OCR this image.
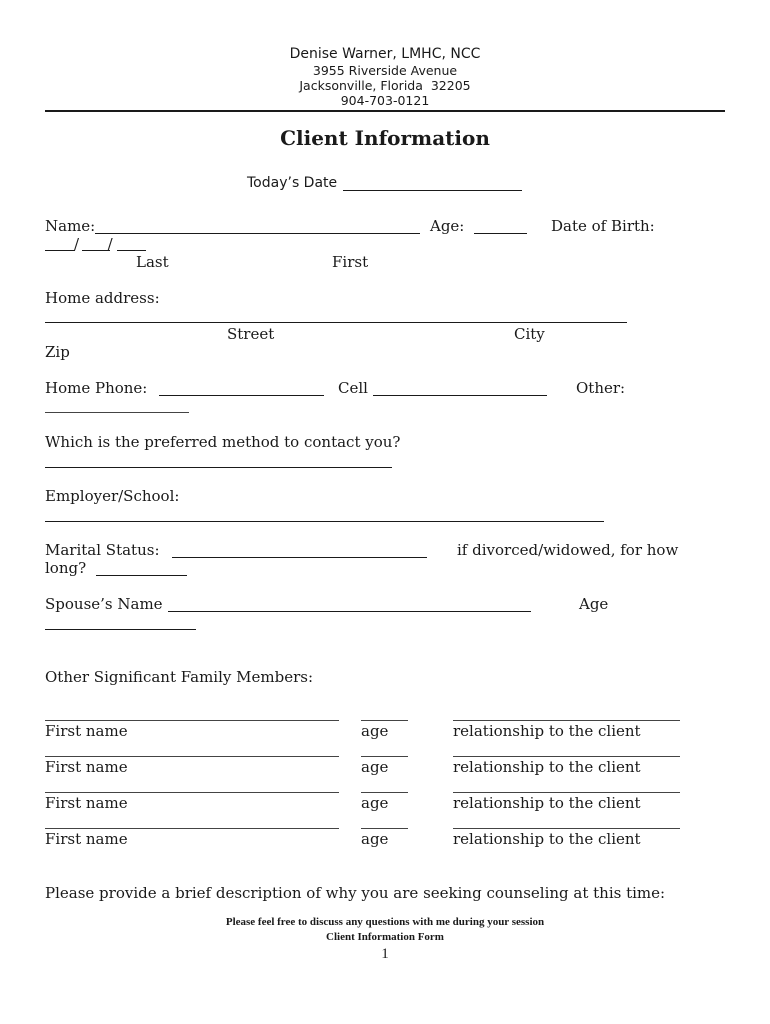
Denise Warner, LMHC, NCC
3955 Riverside Avenue
Jacksonville, Florida  32205
904-703-0121
Client Information
Today’s Date
Name:	Age:	Date of Birth:
/      /
Last	First
Home address:
Street	City
Zip
Home Phone:	Cell	Other:
Which is the preferred method to contact you?
Employer/School:
Marital Status:	if divorced/widowed, for how
long?
Spouse’s Name	Age
Other Significant Family Members:
First name	age	relationship to the client
First name	age	relationship to the client
First name	age	relationship to the client
First name	age	relationship to the client
Please provide a brief description of why you are seeking counseling at this time:
Please feel free to discuss any questions with me during your session
Client Information Form
1
